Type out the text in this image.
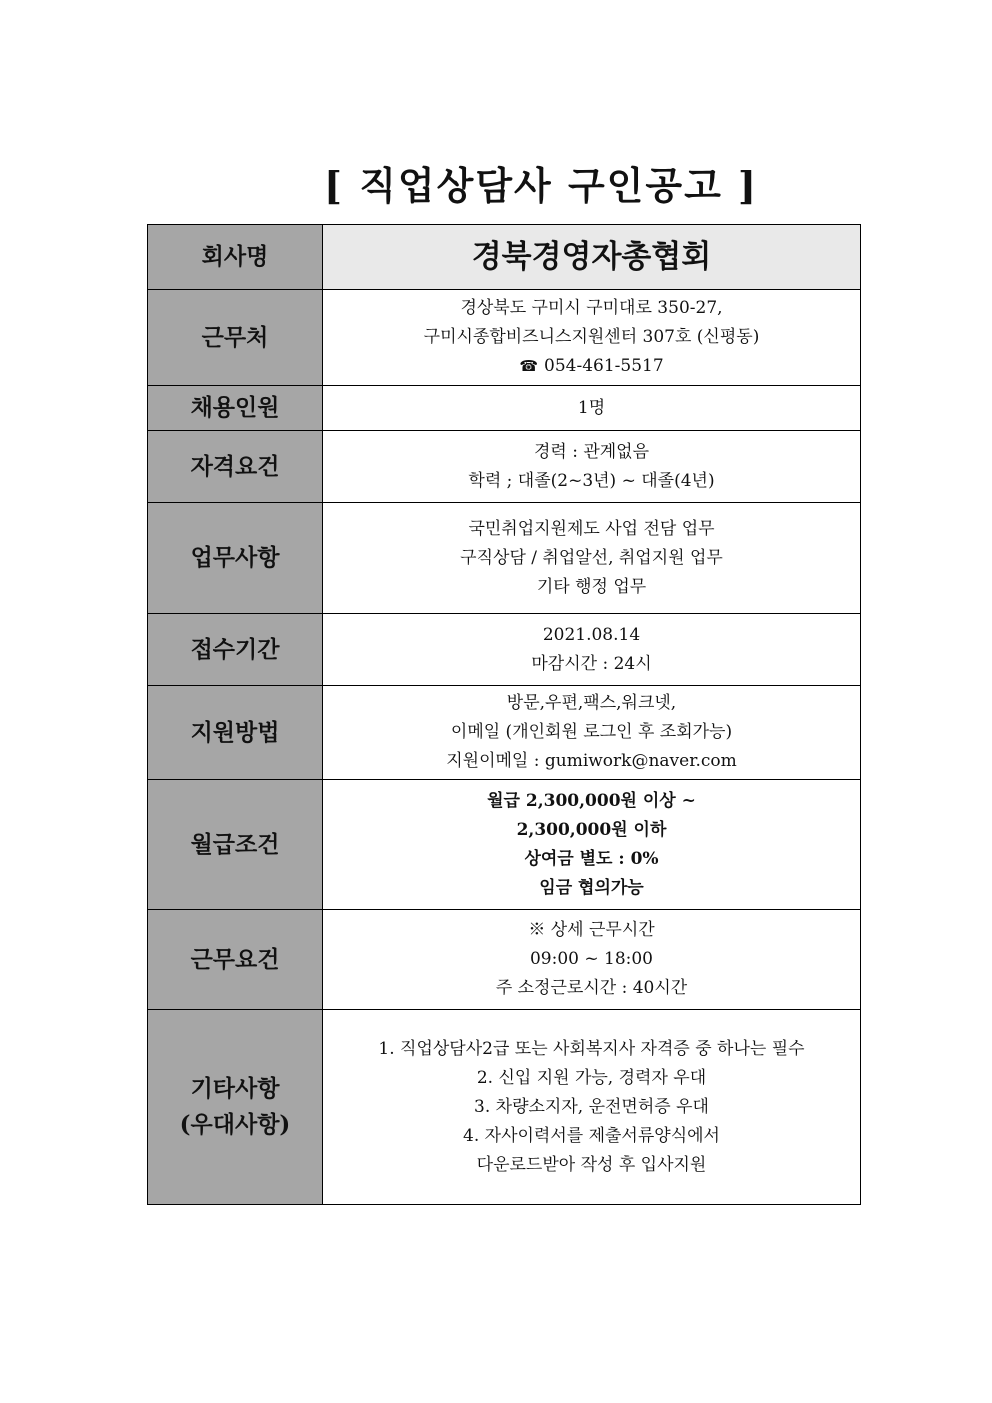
[ 직업상담사 구인공고 ]
회사명	경북경영자총협회
근무처	경상북도 구미시 구미대로 350-27,
구미시종합비즈니스지원센터 307호 (신평동)
☎ 054-461-5517

채용인원	1명
자격요건	경력 : 관계없음
학력 ; 대졸(2~3년) ~ 대졸(4년)

업무사항	국민취업지원제도 사업 전담 업무
구직상담 / 취업알선, 취업지원 업무
기타 행정 업무

접수기간	2021.08.14
마감시간 : 24시

지원방법	방문,우편,팩스,워크넷,
이메일 (개인회원 로그인 후 조회가능)
지원이메일 : gumiwork@naver.com

월급조건	월급 2,300,000원 이상 ~
2,300,000원 이하
상여금 별도 : 0%
임금 협의가능

근무요건	※ 상세 근무시간
09:00 ~ 18:00
주 소정근로시간 : 40시간

기타사항
(우대사항)	1. 직업상담사2급 또는 사회복지사 자격증 중 하나는 필수
2. 신입 지원 가능, 경력자 우대
3. 차량소지자, 운전면허증 우대
4. 자사이력서를 제출서류양식에서
다운로드받아 작성 후 입사지원
